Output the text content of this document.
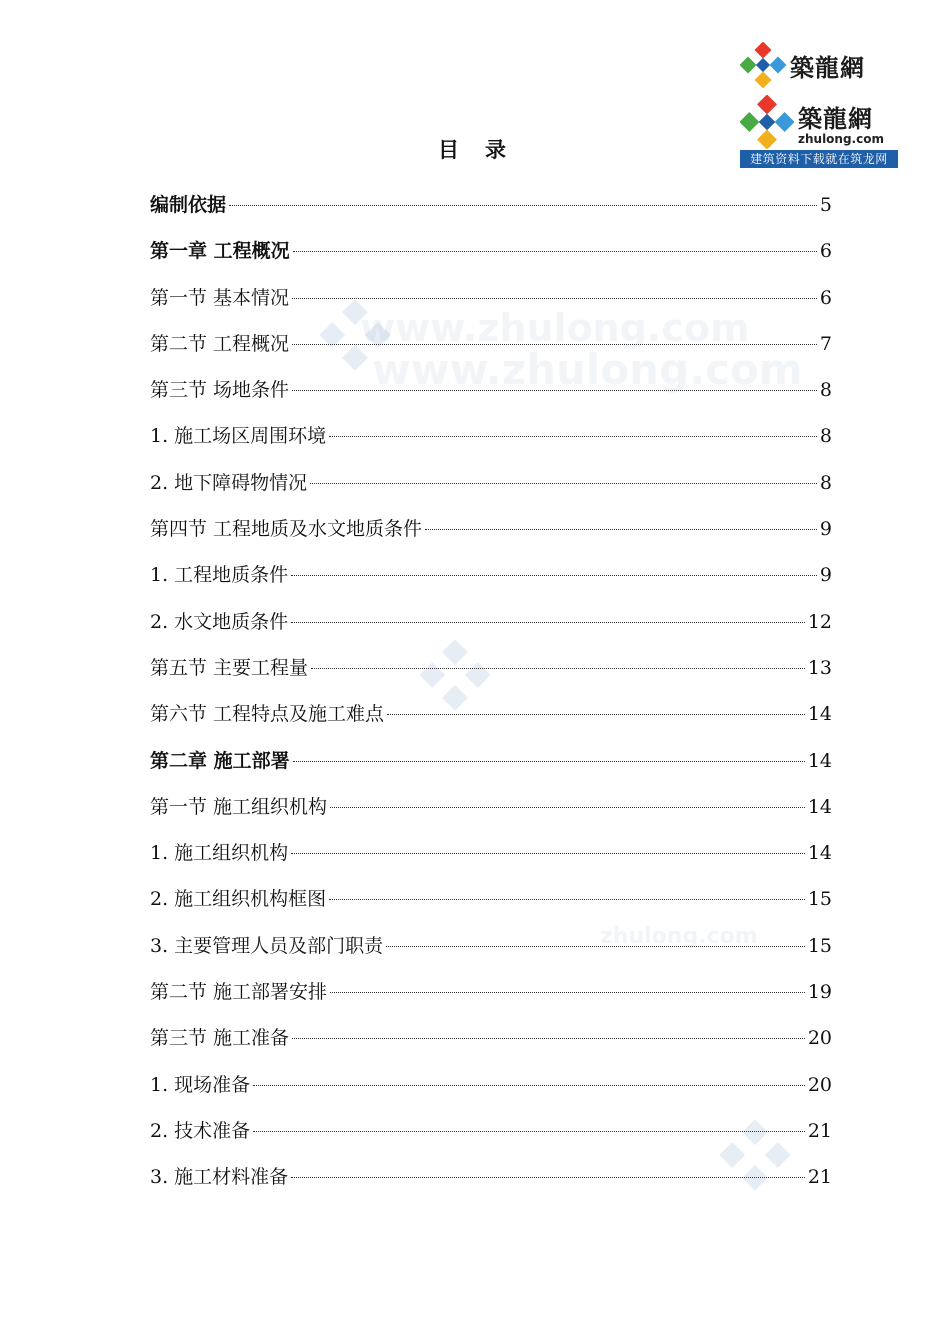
築龍網
築龍網
zhulong.com
建筑资料下载就在筑龙网
www.zhulong.com
www.zhulong.com
zhulong.com
目录
编制依据	5
第一章 工程概况	6
第一节 基本情况	6
第二节 工程概况	7
第三节 场地条件	8
1. 施工场区周围环境	8
2. 地下障碍物情况	8
第四节 工程地质及水文地质条件	9
1. 工程地质条件	9
2. 水文地质条件	12
第五节 主要工程量	13
第六节 工程特点及施工难点	14
第二章 施工部署	14
第一节 施工组织机构	14
1. 施工组织机构	14
2. 施工组织机构框图	15
3. 主要管理人员及部门职责	15
第二节 施工部署安排	19
第三节 施工准备	20
1. 现场准备	20
2. 技术准备	21
3. 施工材料准备	21
